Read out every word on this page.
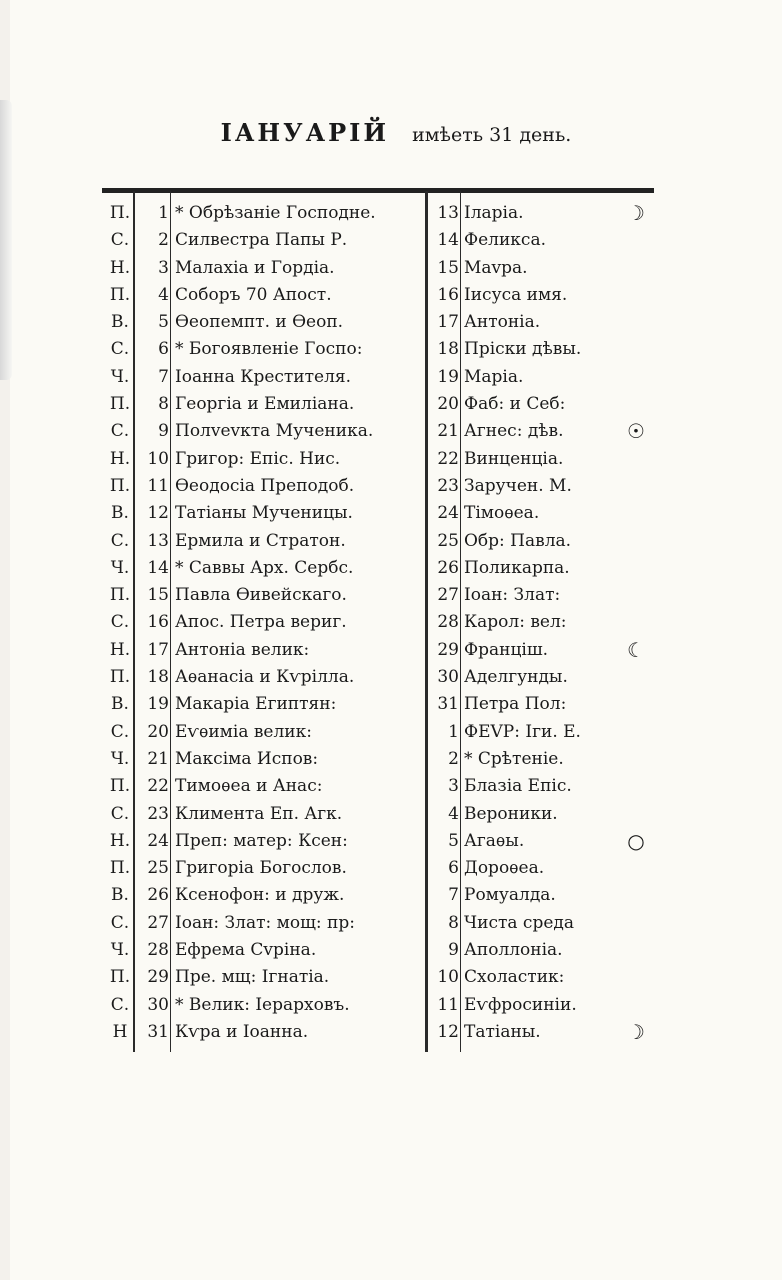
ІАНУАРІЙ имѣеть 31 день.
П.	1 * Обрѣзаніе Господне.	13 Іларіа.	☽
С.	2 Силвестра Папы Р.	14 Феликса.
Н.	3 Малахіа и Гордіа.	15 Маvра.
П.	4 Соборъ 70 Апост.	16 Іисуса имя.
В.	5 Ѳеопемпт. и Ѳеоп.	17 Антоніа.
С.	6 * Богоявленіе Госпо:	18 Пріски дѣвы.
Ч.	7 Іоанна Крестителя.	19 Маріа.
П.	8 Георгіа и Емиліана.	20 Фаб: и Себ:
С.	9 Полvеvкта Мученика.	21 Агнес: дѣв.	☉
Н.	10 Григор: Епіс. Нис.	22 Винценціа.
П.	11 Ѳеодосіа Преподоб.	23 Заручен. М.
В.	12 Татіаны Мученицы.	24 Тімоѳеа.
С.	13 Ермила и Стратон.	25 Обр: Павла.
Ч.	14 * Саввы Арх. Сербс.	26 Поликарпа.
П.	15 Павла Ѳивейскаго.	27 Іоан: Злат:
С.	16 Апос. Петра вериг.	28 Карол: вел:
Н.	17 Антоніа велик:	29 Франціш.	☾
П.	18 Аѳанасіа и Кѵрілла.	30 Аделгунды.
В.	19 Макаріа Египтян:	31 Петра Пол:
С.	20 Еѵѳиміа велик:	1 ФЕVР: Іги. Е.
Ч.	21 Максіма Испов:	2 * Срѣтеніе.
П.	22 Тимоѳеа и Анас:	3 Блазіа Епіс.
С.	23 Климента Еп. Агк.	4 Вероники.
Н.	24 Преп: матер: Ксен:	5 Агаѳы.	○
П.	25 Григоріа Богослов.	6 Дороѳеа.
В.	26 Ксенофон: и друж.	7 Ромуалда.
С.	27 Іоан: Злат: мощ: пр:	8 Чиста среда
Ч.	28 Ефрема Сvріна.	9 Аполлоніа.
П.	29 Пре. мщ: Ігнатіа.	10 Схоластик:
С.	30 * Велик: Іерарховъ.	11 Еѵфросиніи.
Н	31 Кѵра и Іоанна.	12 Татіаны.	☽
